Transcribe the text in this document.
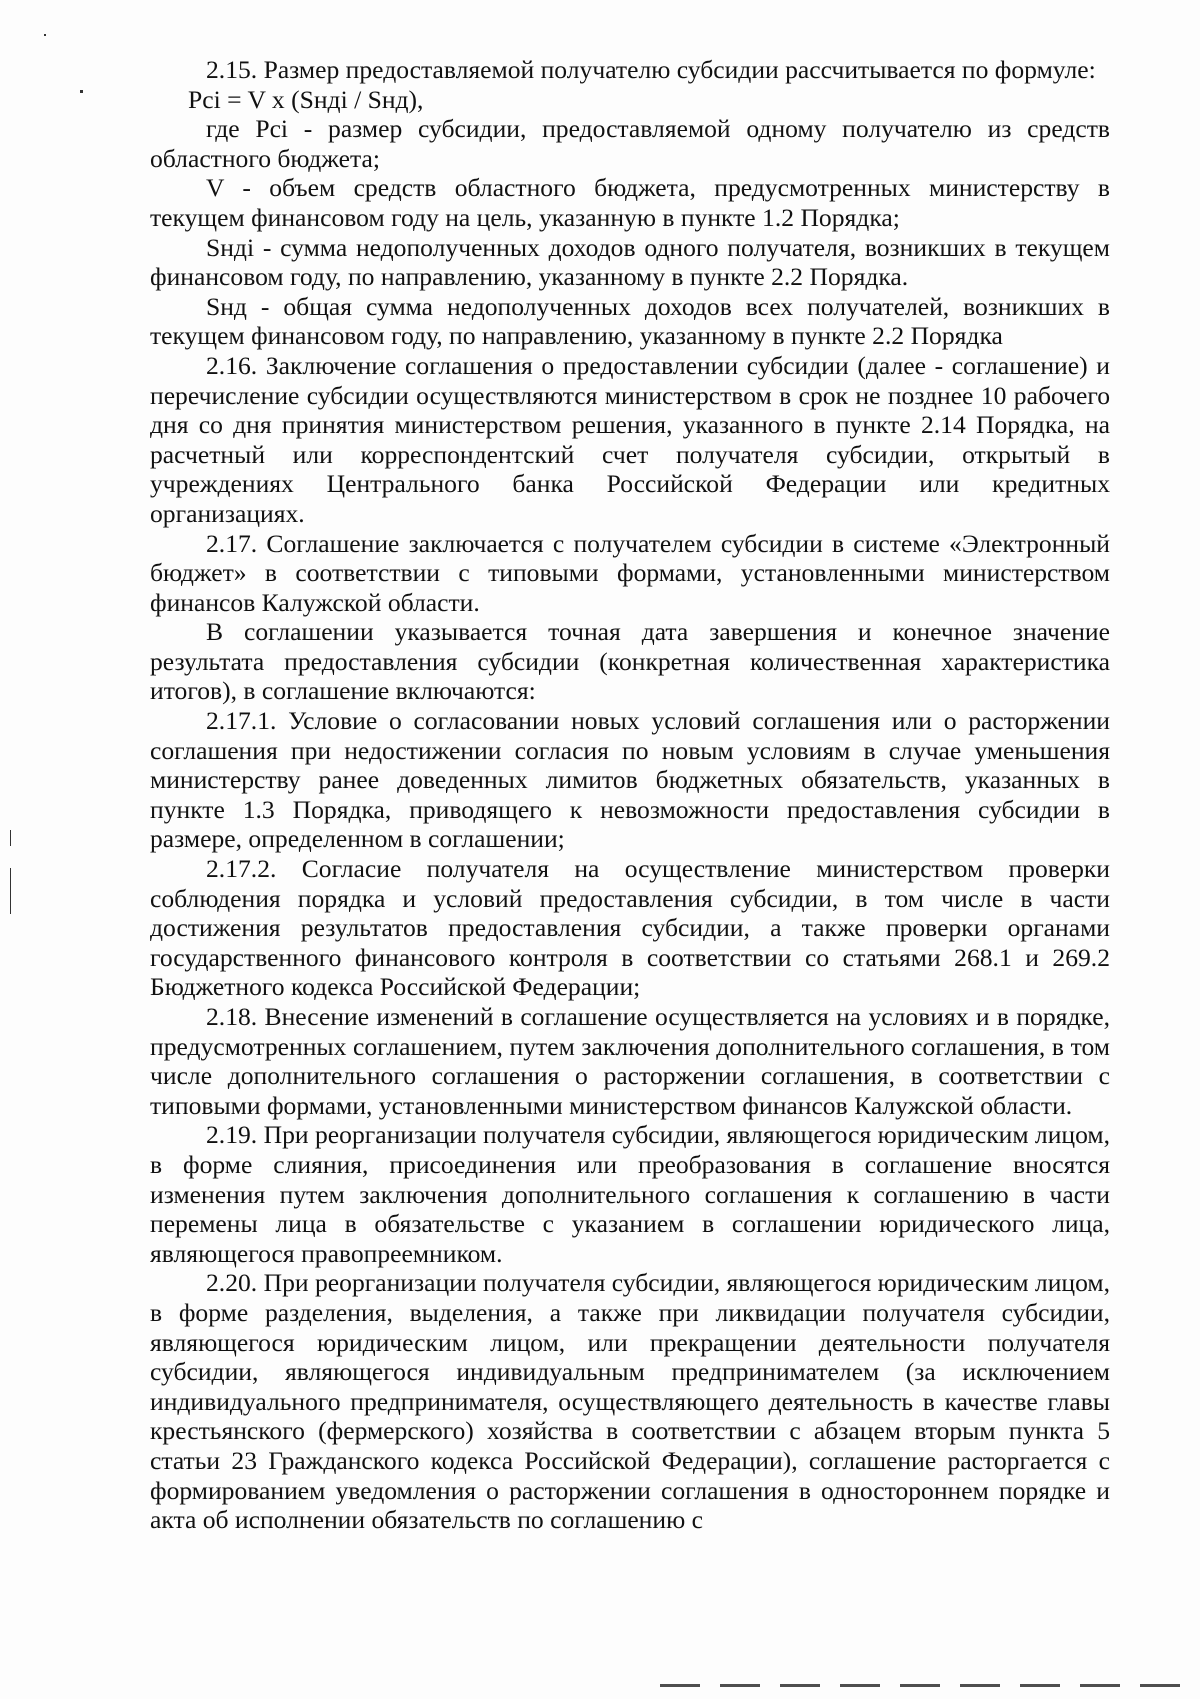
2.15. Размер предоставляемой получателю субсидии рассчитывается по формуле:

Pci = V x (Sндi / Sнд),

где Pci - размер субсидии, предоставляемой одному получателю из средств областного бюджета;

V - объем средств областного бюджета, предусмотренных министерству в текущем финансовом году на цель, указанную в пункте 1.2 Порядка;

Sндi - сумма недополученных доходов одного получателя, возникших в текущем финансовом году, по направлению, указанному в пункте 2.2 Порядка.

Sнд - общая сумма недополученных доходов всех получателей, возникших в текущем финансовом году, по направлению, указанному в пункте 2.2 Порядка

2.16. Заключение соглашения о предоставлении субсидии (далее - соглашение) и перечисление субсидии осуществляются министерством в срок не позднее 10 рабочего дня со дня принятия министерством решения, указанного в пункте 2.14 Порядка, на расчетный или корреспондентский счет получателя субсидии, открытый в учреждениях Центрального банка Российской Федерации или кредитных организациях.

2.17. Соглашение заключается с получателем субсидии в системе «Электронный бюджет» в соответствии с типовыми формами, установленными министерством финансов Калужской области.

В соглашении указывается точная дата завершения и конечное значение результата предоставления субсидии (конкретная количественная характеристика итогов), в соглашение включаются:

2.17.1. Условие о согласовании новых условий соглашения или о расторжении соглашения при недостижении согласия по новым условиям в случае уменьшения министерству ранее доведенных лимитов бюджетных обязательств, указанных в пункте 1.3 Порядка, приводящего к невозможности предоставления субсидии в размере, определенном в соглашении;

2.17.2. Согласие получателя на осуществление министерством проверки соблюдения порядка и условий предоставления субсидии, в том числе в части достижения результатов предоставления субсидии, а также проверки органами государственного финансового контроля в соответствии со статьями 268.1 и 269.2 Бюджетного кодекса Российской Федерации;

2.18. Внесение изменений в соглашение осуществляется на условиях и в порядке, предусмотренных соглашением, путем заключения дополнительного соглашения, в том числе дополнительного соглашения о расторжении соглашения, в соответствии с типовыми формами, установленными министерством финансов Калужской области.

2.19. При реорганизации получателя субсидии, являющегося юридическим лицом, в форме слияния, присоединения или преобразования в соглашение вносятся изменения путем заключения дополнительного соглашения к соглашению в части перемены лица в обязательстве с указанием в соглашении юридического лица, являющегося правопреемником.

2.20. При реорганизации получателя субсидии, являющегося юридическим лицом, в форме разделения, выделения, а также при ликвидации получателя субсидии, являющегося юридическим лицом, или прекращении деятельности получателя субсидии, являющегося индивидуальным предпринимателем (за исключением индивидуального предпринимателя, осуществляющего деятельность в качестве главы крестьянского (фермерского) хозяйства в соответствии с абзацем вторым пункта 5 статьи 23 Гражданского кодекса Российской Федерации), соглашение расторгается с формированием уведомления о расторжении соглашения в одностороннем порядке и акта об исполнении обязательств по соглашению с
